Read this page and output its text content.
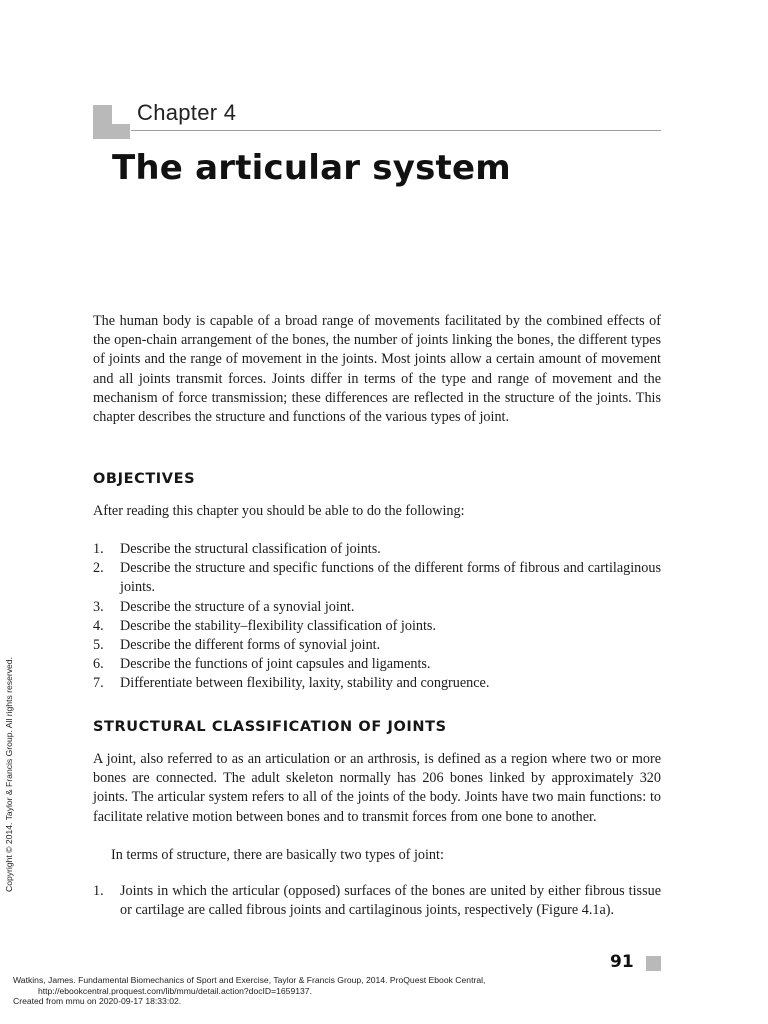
Chapter 4
The articular system

The human body is capable of a broad range of movements facilitated by the combined effects of the open-chain arrangement of the bones, the number of joints linking the bones, the different types of joints and the range of movement in the joints. Most joints allow a certain amount of movement and all joints transmit forces. Joints differ in terms of the type and range of movement and the mechanism of force transmission; these differences are reflected in the structure of the joints. This chapter describes the structure and functions of the various types of joint.

OBJECTIVES

After reading this chapter you should be able to do the following:

1. Describe the structural classification of joints.
2. Describe the structure and specific functions of the different forms of fibrous and cartilaginous joints.
3. Describe the structure of a synovial joint.
4. Describe the stability–flexibility classification of joints.
5. Describe the different forms of synovial joint.
6. Describe the functions of joint capsules and ligaments.
7. Differentiate between flexibility, laxity, stability and congruence.
STRUCTURAL CLASSIFICATION OF JOINTS

A joint, also referred to as an articulation or an arthrosis, is defined as a region where two or more bones are connected. The adult skeleton normally has 206 bones linked by approximately 320 joints. The articular system refers to all of the joints of the body. Joints have two main functions: to facilitate relative motion between bones and to transmit forces from one bone to another.

In terms of structure, there are basically two types of joint:

1. Joints in which the articular (opposed) surfaces of the bones are united by either fibrous tissue or cartilage are called fibrous joints and cartilaginous joints, respectively (Figure 4.1a).
91
Copyright © 2014. Taylor & Francis Group. All rights reserved.
Watkins, James. Fundamental Biomechanics of Sport and Exercise, Taylor & Francis Group, 2014. ProQuest Ebook Central,
http://ebookcentral.proquest.com/lib/mmu/detail.action?docID=1659137.
Created from mmu on 2020-09-17 18:33:02.
